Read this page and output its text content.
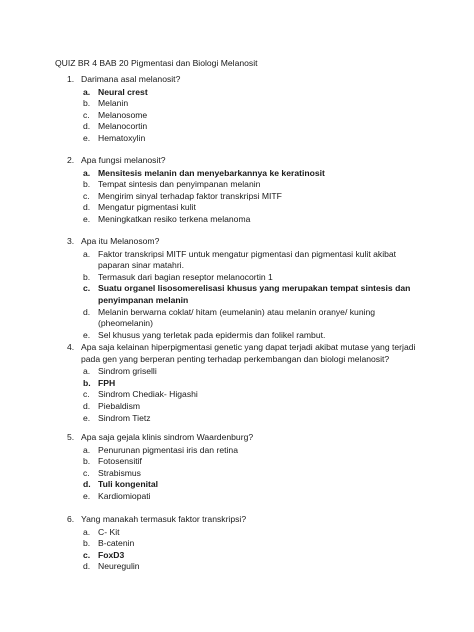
QUIZ BR 4 BAB 20 Pigmentasi dan Biologi Melanosit
1. Darimana asal melanosit?
a. Neural crest
b. Melanin
c. Melanosome
d. Melanocortin
e. Hematoxylin
2. Apa fungsi melanosit?
a. Mensitesis melanin dan menyebarkannya ke keratinosit
b. Tempat sintesis dan penyimpanan melanin
c. Mengirim sinyal terhadap faktor transkripsi MITF
d. Mengatur pigmentasi kulit
e. Meningkatkan resiko terkena melanoma
3. Apa itu Melanosom?
a. Faktor transkripsi MITF untuk mengatur pigmentasi dan pigmentasi kulit akibat paparan sinar matahri.
b. Termasuk dari bagian reseptor melanocortin 1
c. Suatu organel lisosomerelisasi khusus yang merupakan tempat sintesis dan penyimpanan melanin
d. Melanin berwarna coklat/ hitam (eumelanin) atau melanin oranye/ kuning (pheomelanin)
e. Sel khusus yang terletak pada epidermis dan folikel rambut.
4. Apa saja kelainan hiperpigmentasi genetic yang dapat terjadi akibat mutase yang terjadi pada gen yang berperan penting terhadap perkembangan dan biologi melanosit?
a. Sindrom griselli
b. FPH
c. Sindrom Chediak- Higashi
d. Piebaldism
e. Sindrom Tietz
5. Apa saja gejala klinis sindrom Waardenburg?
a. Penurunan pigmentasi iris dan retina
b. Fotosensitif
c. Strabismus
d. Tuli kongenital
e. Kardiomiopati
6. Yang manakah termasuk faktor transkripsi?
a. C- Kit
b. B-catenin
c. FoxD3
d. Neuregulin
